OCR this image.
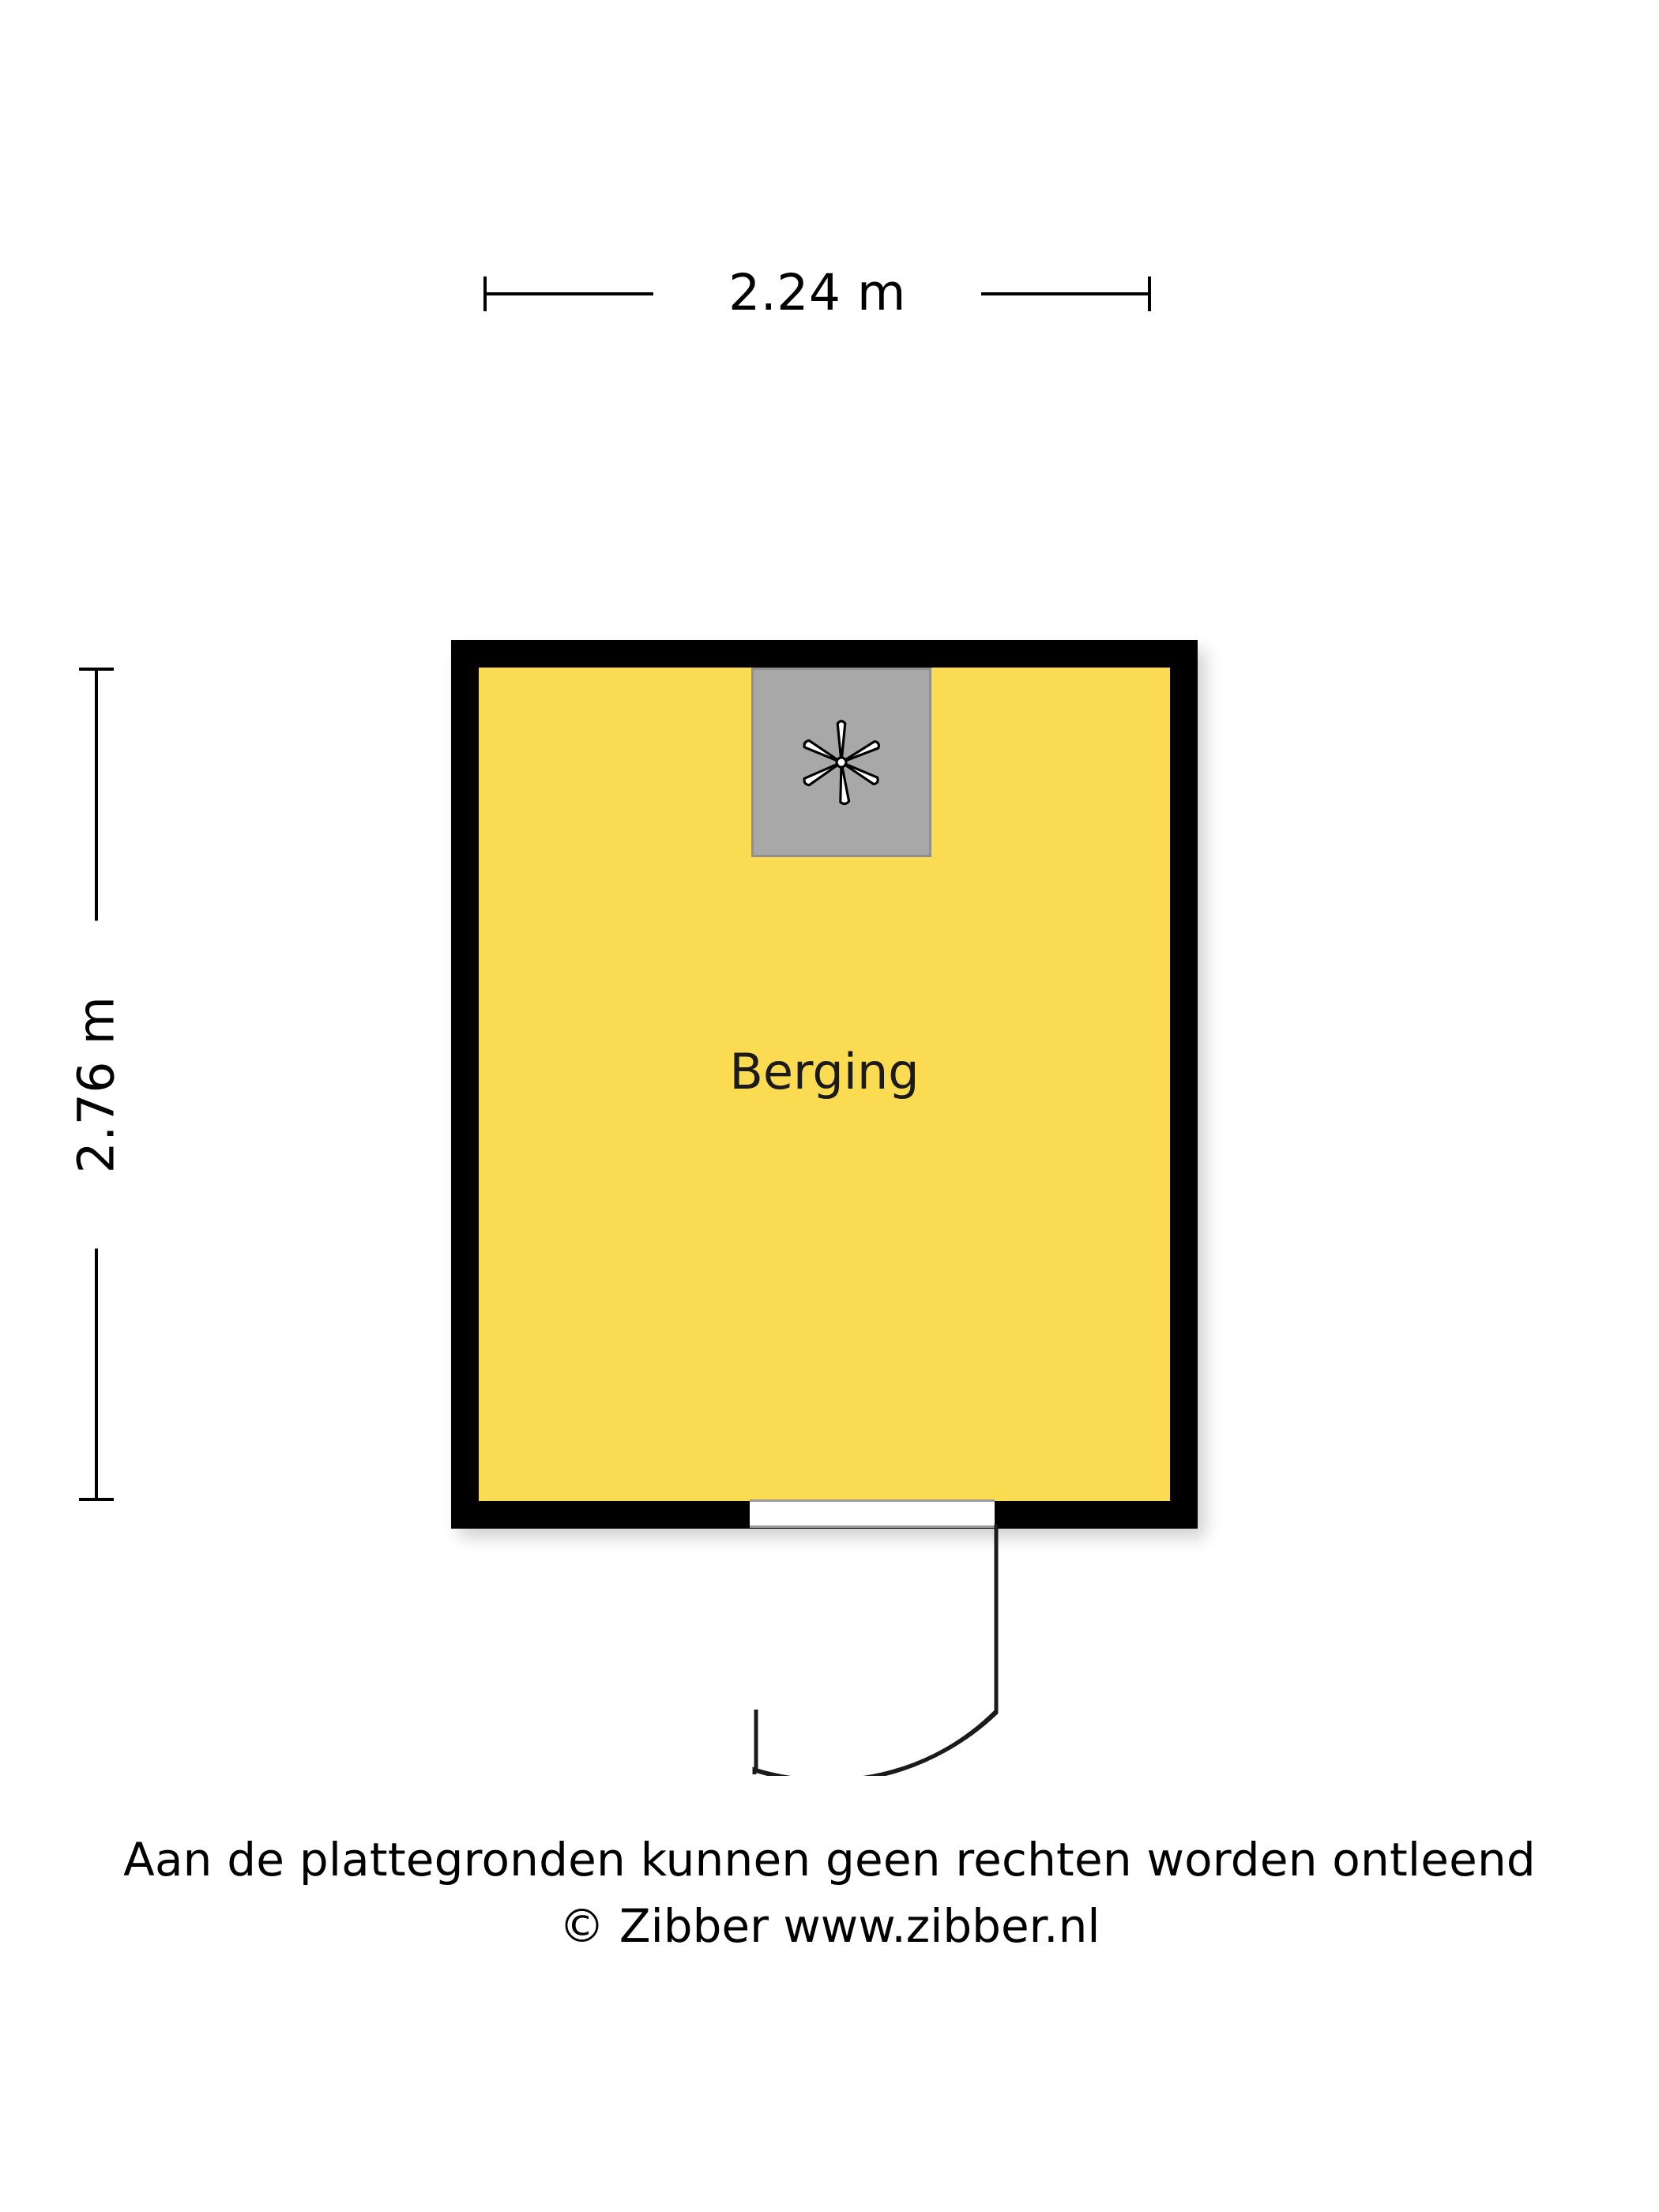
2.24 m
2.76 m	Berging
Aan de plattegronden kunnen geen rechten worden ontleend
© Zibber www.zibber.nl
